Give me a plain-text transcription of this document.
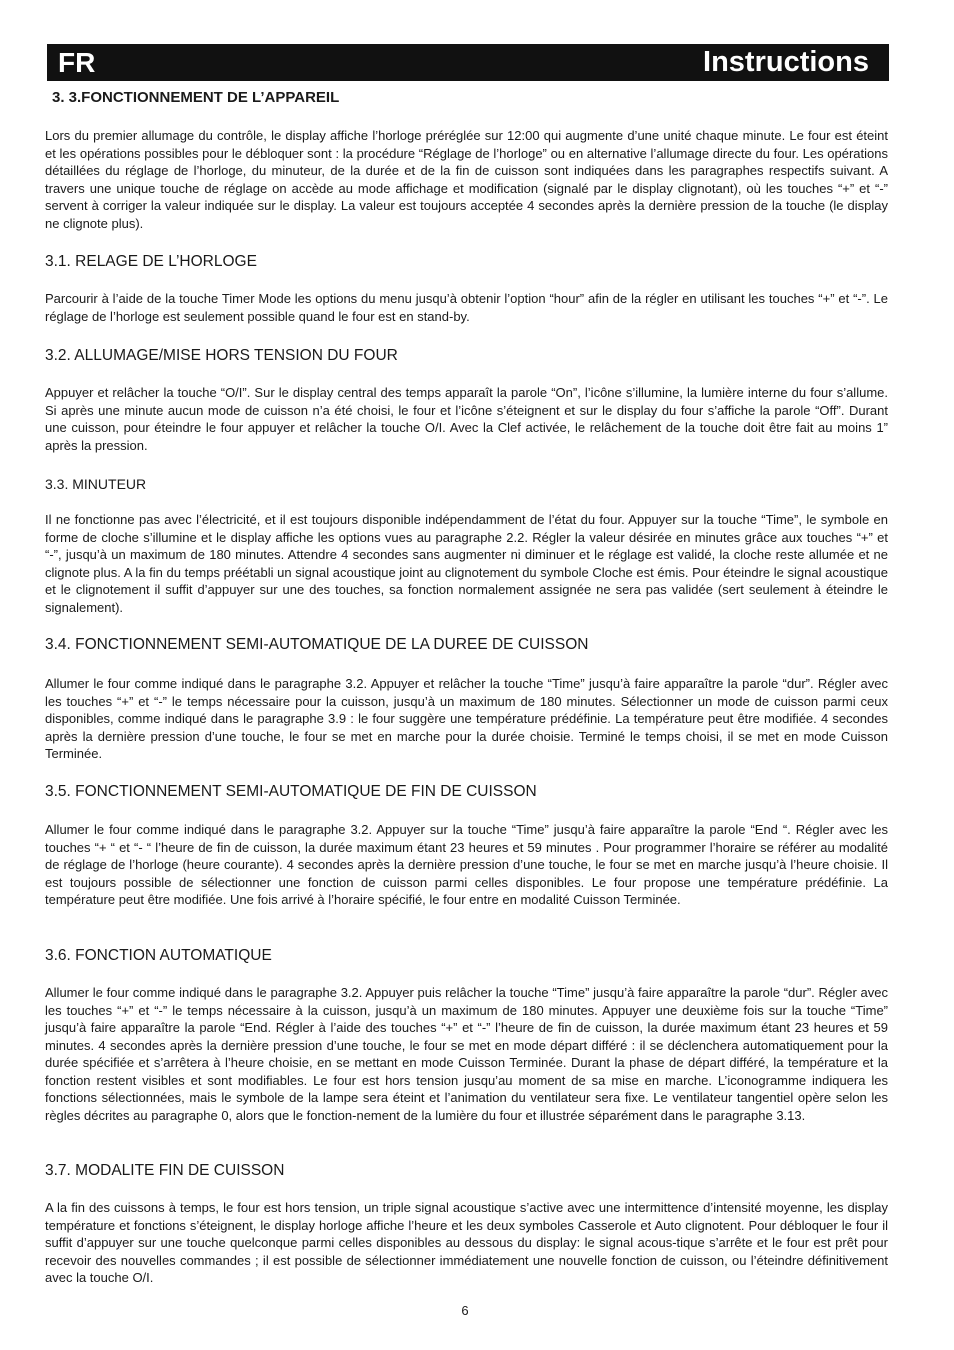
FR	Instructions
3. 3.FONCTIONNEMENT DE L’APPAREIL

Lors du premier allumage du contrôle, le display affiche l’horloge préréglée sur 12:00 qui augmente d’une unité chaque minute. Le four est éteint et les opérations possibles pour le débloquer sont : la procédure “Réglage de l’horloge” ou en alternative l’allumage directe du four. Les opérations détaillées du réglage de l’horloge, du minuteur, de la durée et de la fin de cuisson sont indiquées dans les paragraphes respectifs suivant. A travers une unique touche de réglage on accède au mode affichage et modification (signalé par le display clignotant), où les touches “+” et “-” servent à corriger la valeur indiquée sur le display. La valeur est toujours acceptée 4 secondes après la dernière pression de la touche (le display ne clignote plus).

3.1. RELAGE DE L’HORLOGE

Parcourir à l’aide de la touche Timer Mode les options du menu jusqu’à obtenir l’option “hour” afin de la régler en utilisant les touches “+” et “-”. Le réglage de l’horloge est seulement possible quand le four est en stand-by.

3.2. ALLUMAGE/MISE HORS TENSION DU FOUR

Appuyer et relâcher la touche “O/I”. Sur le display central des temps apparaît la parole “On”, l’icône s’illumine, la lumière interne du four s’allume. Si après une minute aucun mode de cuisson n’a été choisi, le four et l’icône s’éteignent et sur le display du four s’affiche la parole “Off”. Durant une cuisson, pour éteindre le four appuyer et relâcher la touche O/I. Avec la Clef activée, le relâchement de la touche doit être fait au moins 1” après la pression.

3.3. MINUTEUR

Il ne fonctionne pas avec l’électricité, et il est toujours disponible indépendamment de l’état du four. Appuyer sur la touche “Time”, le symbole en forme de cloche s’illumine et le display affiche les options vues au paragraphe 2.2. Régler la valeur désirée en minutes grâce aux touches “+” et “-”, jusqu’à un maximum de 180 minutes. Attendre 4 secondes sans augmenter ni diminuer et le réglage est validé, la cloche reste allumée et ne clignote plus. A la fin du temps préétabli un signal acoustique joint au clignotement du symbole Cloche est émis. Pour éteindre le signal acoustique et le clignotement il suffit d’appuyer sur une des touches, sa fonction normalement assignée ne sera pas validée (sert seulement à éteindre le signalement).

3.4. FONCTIONNEMENT SEMI-AUTOMATIQUE DE LA DUREE DE CUISSON

Allumer le four comme indiqué dans le paragraphe 3.2. Appuyer et relâcher la touche “Time” jusqu’à faire apparaître la parole “dur”. Régler avec les touches “+” et “-” le temps nécessaire pour la cuisson, jusqu’à un maximum de 180 minutes. Sélectionner un mode de cuisson parmi ceux disponibles, comme indiqué dans le paragraphe 3.9 : le four suggère une température prédéfinie. La température peut être modifiée. 4 secondes après la dernière pression d’une touche, le four se met en marche pour la durée choisie. Terminé le temps choisi, il se met en mode Cuisson Terminée.

3.5. FONCTIONNEMENT SEMI-AUTOMATIQUE DE FIN DE CUISSON

Allumer le four comme indiqué dans le paragraphe 3.2. Appuyer sur la touche “Time” jusqu’à faire apparaître la parole “End “. Régler avec les touches “+ “ et “- “ l’heure de fin de cuisson, la durée maximum étant 23 heures et 59 minutes . Pour programmer l’horaire se référer au modalité de réglage de l’horloge (heure courante). 4 secondes après la dernière pression d’une touche, le four se met en marche jusqu’à l’heure choisie. Il est toujours possible de sélectionner une fonction de cuisson parmi celles disponibles. Le four propose une température prédéfinie. La température peut être modifiée. Une fois arrivé à l’horaire spécifié, le four entre en modalité Cuisson Terminée.

3.6. FONCTION AUTOMATIQUE

Allumer le four comme indiqué dans le paragraphe 3.2. Appuyer puis relâcher la touche “Time” jusqu’à faire apparaître la parole “dur”. Régler avec les touches “+” et “-” le temps nécessaire à la cuisson, jusqu’à un maximum de 180 minutes. Appuyer une deuxième fois sur la touche “Time” jusqu’à faire apparaître la parole “End. Régler à l’aide des touches “+” et “-” l’heure de fin de cuisson, la durée maximum étant 23 heures et 59 minutes. 4 secondes après la dernière pression d’une touche, le four se met en mode départ différé : il se déclenchera automatiquement pour la durée spécifiée et s’arrêtera à l’heure choisie, en se mettant en mode Cuisson Terminée. Durant la phase de départ différé, la température et la fonction restent visibles et sont modifiables. Le four est hors tension jusqu’au moment de sa mise en marche. L’iconogramme indiquera les fonctions sélectionnées, mais le symbole de la lampe sera éteint et l’animation du ventilateur sera fixe. Le ventilateur tangentiel opère selon les règles décrites au paragraphe 0, alors que le fonction-nement de la lumière du four et illustrée séparément dans le paragraphe 3.13.

3.7. MODALITE FIN DE CUISSON

A la fin des cuissons à temps, le four est hors tension, un triple signal acoustique s’active avec une intermittence d’intensité moyenne, les display température et fonctions s’éteignent, le display horloge affiche l’heure et les deux symboles Casserole et Auto clignotent. Pour débloquer le four il suffit d’appuyer sur une touche quelconque parmi celles disponibles au dessous du display: le signal acous-tique s’arrête et le four est prêt pour recevoir des nouvelles commandes ; il est possible de sélectionner immédiatement une nouvelle fonction de cuisson, ou l’éteindre définitivement avec la touche O/I.

6
